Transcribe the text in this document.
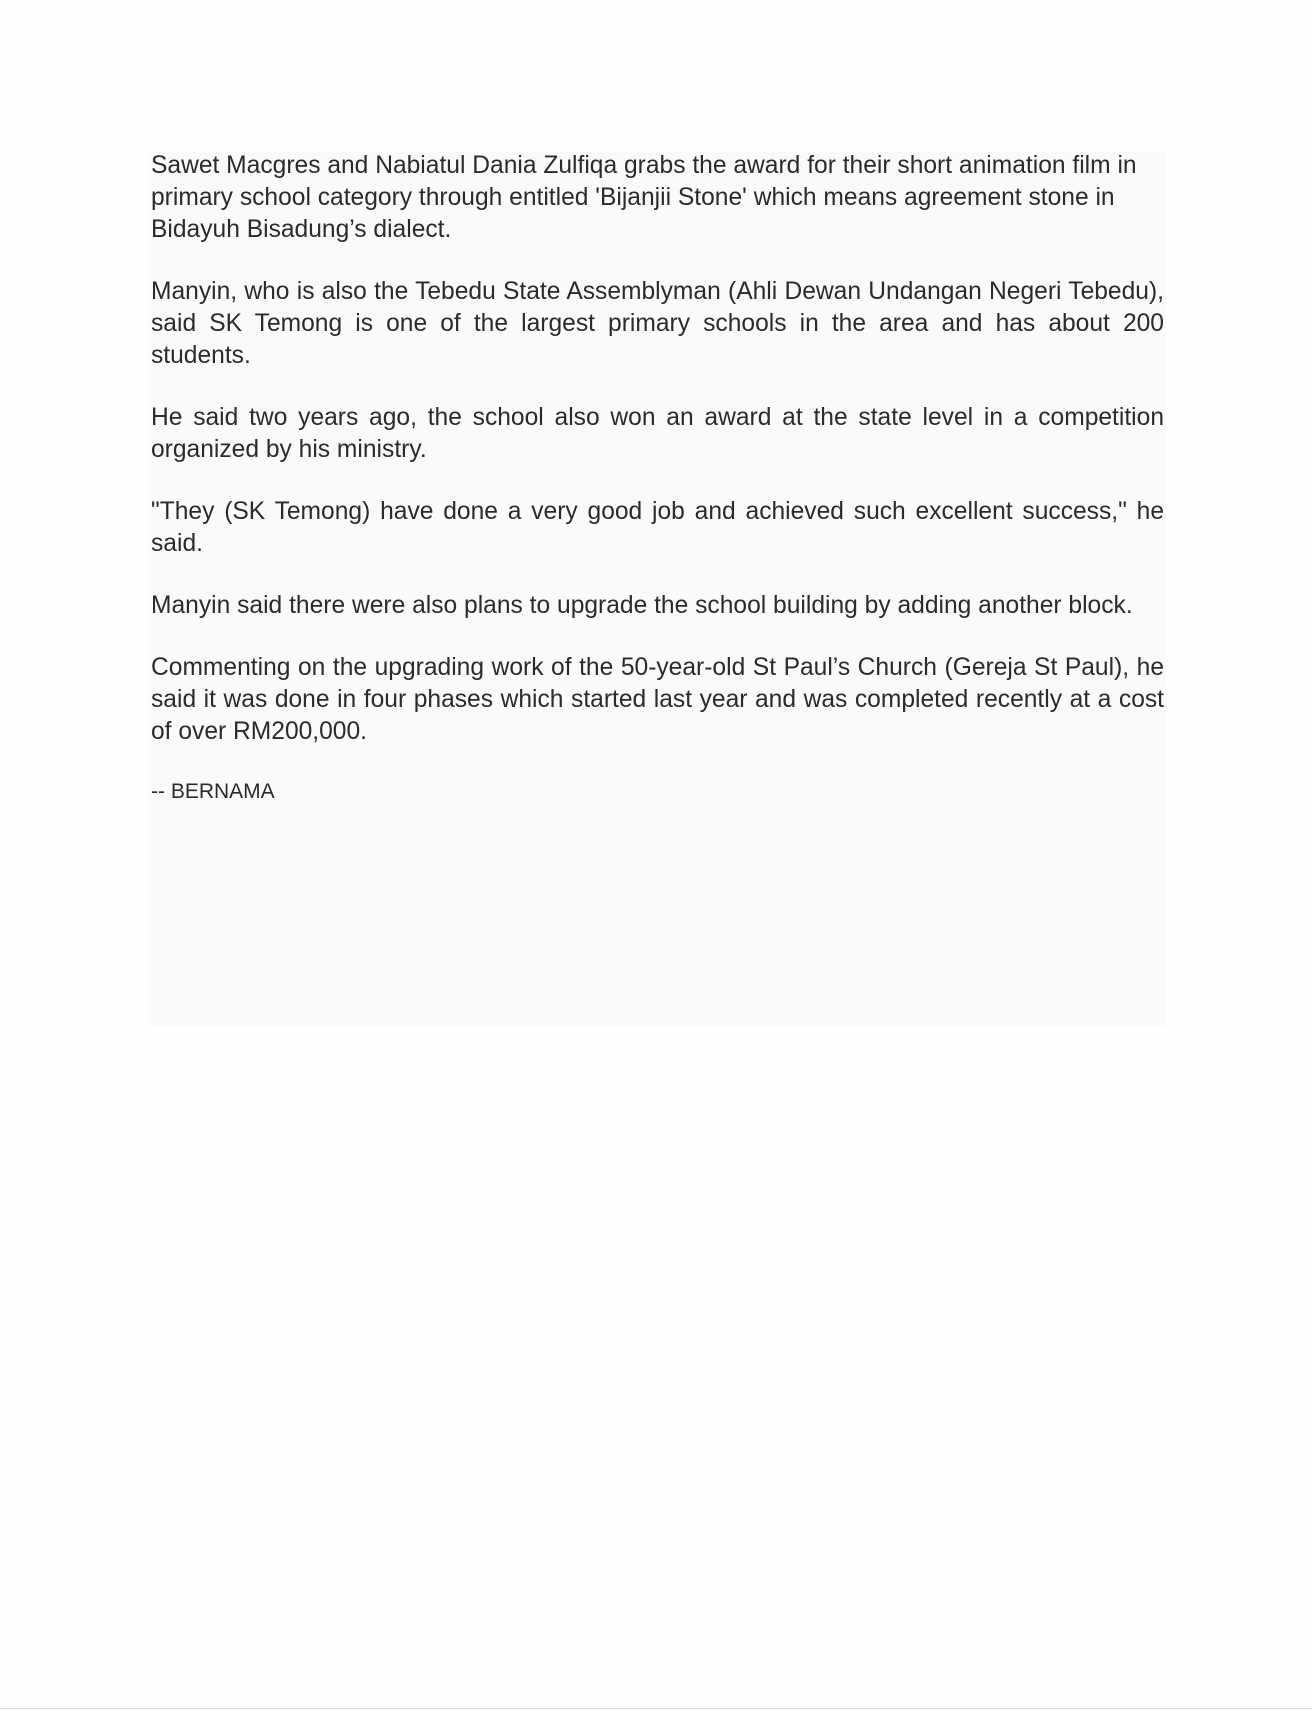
Sawet Macgres and Nabiatul Dania Zulfiqa grabs the award for their short animation film in primary school category through entitled 'Bijanjii Stone' which means agreement stone in Bidayuh Bisadung’s dialect.

Manyin, who is also the Tebedu State Assemblyman (Ahli Dewan Undangan Negeri Tebedu), said SK Temong is one of the largest primary schools in the area and has about 200 students.

He said two years ago, the school also won an award at the state level in a competition organized by his ministry.

"They (SK Temong) have done a very good job and achieved such excellent success," he said.

Manyin said there were also plans to upgrade the school building by adding another block.

Commenting on the upgrading work of the 50-year-old St Paul’s Church (Gereja St Paul), he said it was done in four phases which started last year and was completed recently at a cost of over RM200,000.

-- BERNAMA
